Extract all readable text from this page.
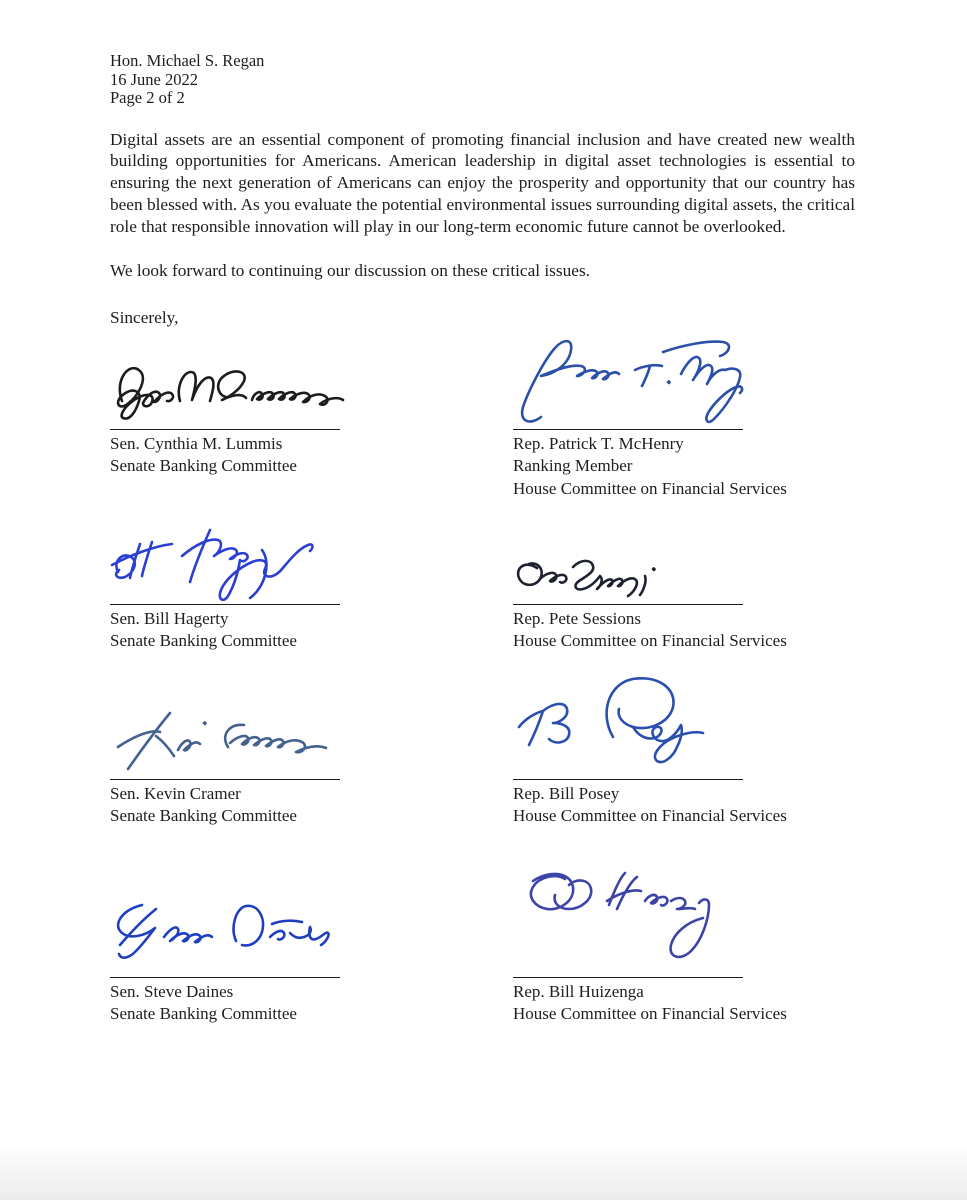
Hon. Michael S. Regan
16 June 2022
Page 2 of 2

Digital assets are an essential component of promoting financial inclusion and have created new wealth building opportunities for Americans. American leadership in digital asset technologies is essential to ensuring the next generation of Americans can enjoy the prosperity and opportunity that our country has been blessed with. As you evaluate the potential environmental issues surrounding digital assets, the critical role that responsible innovation will play in our long-term economic future cannot be overlooked.

We look forward to continuing our discussion on these critical issues.

Sincerely,

Sen. Cynthia M. Lummis
Senate Banking Committee
Rep. Patrick T. McHenry
Ranking Member
House Committee on Financial Services
Sen. Bill Hagerty
Senate Banking Committee
Rep. Pete Sessions
House Committee on Financial Services
Sen. Kevin Cramer
Senate Banking Committee
Rep. Bill Posey
House Committee on Financial Services
Sen. Steve Daines
Senate Banking Committee
Rep. Bill Huizenga
House Committee on Financial Services
